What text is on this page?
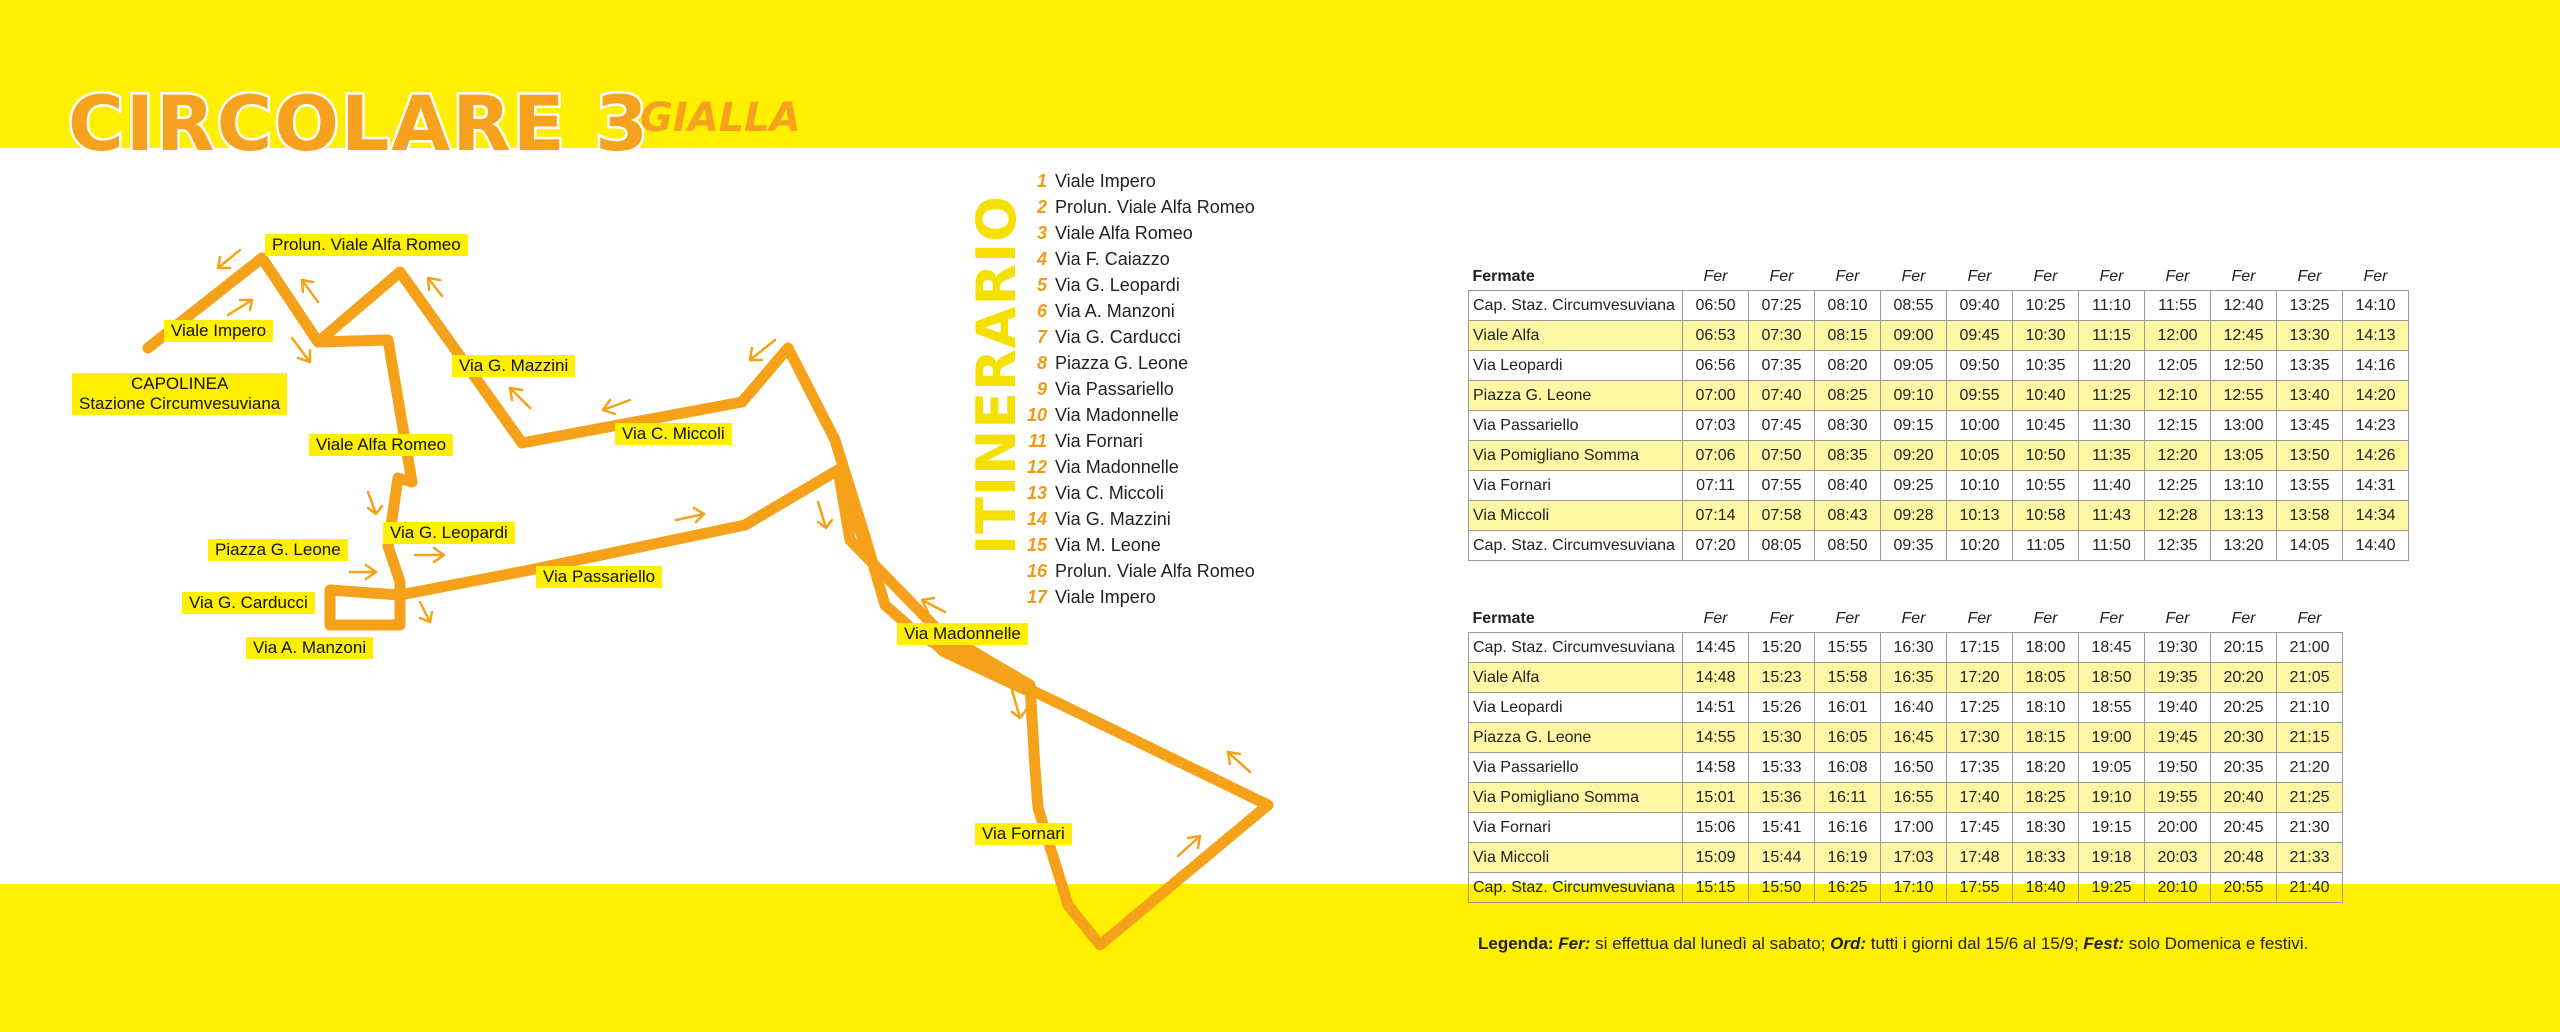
CIRCOLARE 3
GIALLA
Prolun. Viale Alfa Romeo
Viale Impero
CAPOLINEA
Stazione Circumvesuviana
Via G. Mazzini
Via C. Miccoli
Viale Alfa Romeo
Via G. Leopardi
Piazza G. Leone
Via Passariello
Via G. Carducci
Via A. Manzoni
Via Madonnelle
Via Fornari
ITINERARIO
1 Viale Impero
2 Prolun. Viale Alfa Romeo
3 Viale Alfa Romeo
4 Via F. Caiazzo
5 Via G. Leopardi
6 Via A. Manzoni
7 Via G. Carducci
8 Piazza G. Leone
9 Via Passariello
10 Via Madonnelle
11 Via Fornari
12 Via Madonnelle
13 Via C. Miccoli
14 Via G. Mazzini
15 Via M. Leone
16 Prolun. Viale Alfa Romeo
17 Viale Impero
Fermate	Fer	Fer	Fer	Fer	Fer	Fer	Fer	Fer	Fer	Fer	Fer
Cap. Staz. Circumvesuviana	06:50	07:25	08:10	08:55	09:40	10:25	11:10	11:55	12:40	13:25	14:10
Viale Alfa	06:53	07:30	08:15	09:00	09:45	10:30	11:15	12:00	12:45	13:30	14:13
Via Leopardi	06:56	07:35	08:20	09:05	09:50	10:35	11:20	12:05	12:50	13:35	14:16
Piazza G. Leone	07:00	07:40	08:25	09:10	09:55	10:40	11:25	12:10	12:55	13:40	14:20
Via Passariello	07:03	07:45	08:30	09:15	10:00	10:45	11:30	12:15	13:00	13:45	14:23
Via Pomigliano Somma	07:06	07:50	08:35	09:20	10:05	10:50	11:35	12:20	13:05	13:50	14:26
Via Fornari	07:11	07:55	08:40	09:25	10:10	10:55	11:40	12:25	13:10	13:55	14:31
Via Miccoli	07:14	07:58	08:43	09:28	10:13	10:58	11:43	12:28	13:13	13:58	14:34
Cap. Staz. Circumvesuviana	07:20	08:05	08:50	09:35	10:20	11:05	11:50	12:35	13:20	14:05	14:40
Fermate	Fer	Fer	Fer	Fer	Fer	Fer	Fer	Fer	Fer	Fer
Cap. Staz. Circumvesuviana	14:45	15:20	15:55	16:30	17:15	18:00	18:45	19:30	20:15	21:00
Viale Alfa	14:48	15:23	15:58	16:35	17:20	18:05	18:50	19:35	20:20	21:05
Via Leopardi	14:51	15:26	16:01	16:40	17:25	18:10	18:55	19:40	20:25	21:10
Piazza G. Leone	14:55	15:30	16:05	16:45	17:30	18:15	19:00	19:45	20:30	21:15
Via Passariello	14:58	15:33	16:08	16:50	17:35	18:20	19:05	19:50	20:35	21:20
Via Pomigliano Somma	15:01	15:36	16:11	16:55	17:40	18:25	19:10	19:55	20:40	21:25
Via Fornari	15:06	15:41	16:16	17:00	17:45	18:30	19:15	20:00	20:45	21:30
Via Miccoli	15:09	15:44	16:19	17:03	17:48	18:33	19:18	20:03	20:48	21:33
Cap. Staz. Circumvesuviana	15:15	15:50	16:25	17:10	17:55	18:40	19:25	20:10	20:55	21:40
Legenda: Fer: si effettua dal lunedì al sabato; Ord: tutti i giorni dal 15/6 al 15/9; Fest: solo Domenica e festivi.
